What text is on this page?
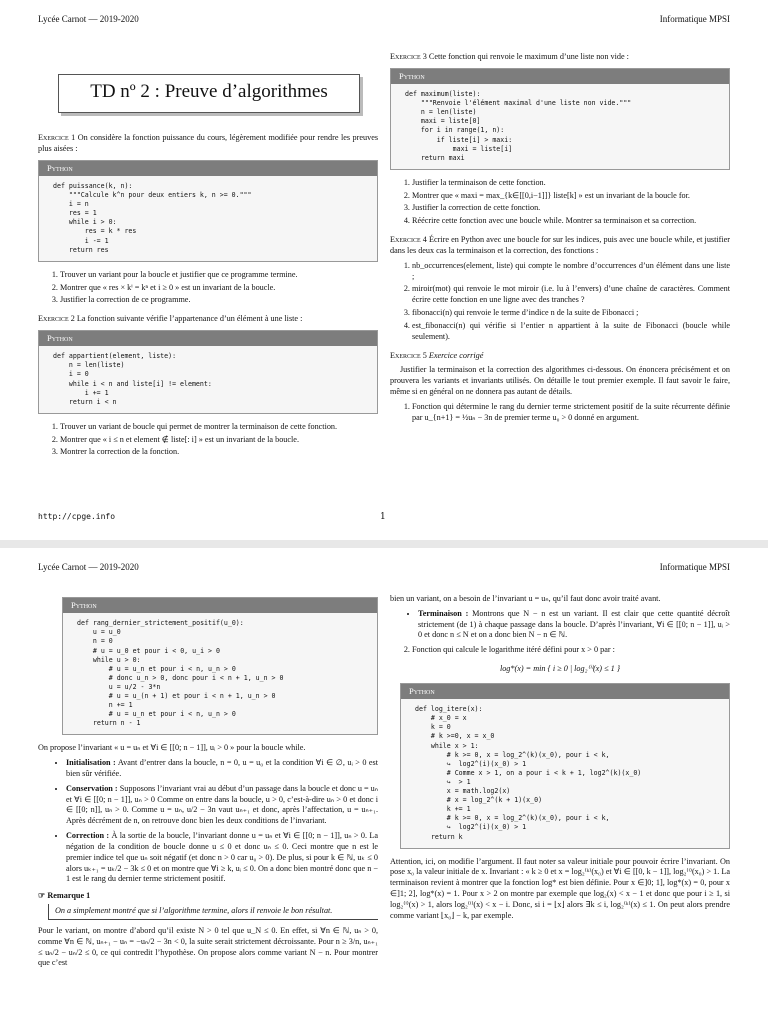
Lycée Carnot — 2019-2020	Informatique MPSI
TD nº 2 : Preuve d’algorithmes
Exercice 1 On considère la fonction puissance du cours, légèrement modifiée pour rendre les preuves plus aisées :
Python
def puissance(k, n):
"""Calcule k^n pour deux entiers k, n >= 0."""
i = n
res = 1
while i > 0:
res = k * res
i -= 1
return res
1. Trouver un variant pour la boucle et justifier que ce programme termine.
2. Montrer que « res × kⁱ = kⁿ et i ≥ 0 » est un invariant de la boucle.
3. Justifier la correction de ce programme.
Exercice 2 La fonction suivante vérifie l’appartenance d’un élément à une liste :
Python
def appartient(element, liste):
n = len(liste)
i = 0
while i < n and liste[i] != element:
i += 1
return i < n
1. Trouver un variant de boucle qui permet de montrer la terminaison de cette fonction.
2. Montrer que « i ≤ n et element ∉ liste[: i] » est un invariant de la boucle.
3. Montrer la correction de la fonction.
Exercice 3 Cette fonction qui renvoie le maximum d’une liste non vide :
Python
def maximum(liste):
"""Renvoie l'élément maximal d'une liste non vide."""
n = len(liste)
maxi = liste[0]
for i in range(1, n):
if liste[i] > maxi:
maxi = liste[i]
return maxi
1. Justifier la terminaison de cette fonction.
2. Montrer que « maxi = max_{k∈[[0,i−1]]} liste[k] » est un invariant de la boucle for.
3. Justifier la correction de cette fonction.
4. Réécrire cette fonction avec une boucle while. Montrer sa terminaison et sa correction.
Exercice 4 Écrire en Python avec une boucle for sur les indices, puis avec une boucle while, et justifier dans les deux cas la terminaison et la correction, des fonctions :
1. nb_occurrences(element, liste) qui compte le nombre d’occurrences d’un élément dans une liste ;
2. miroir(mot) qui renvoie le mot miroir (i.e. lu à l’envers) d’une chaîne de caractères. Comment écrire cette fonction en une ligne avec des tranches ?
3. fibonacci(n) qui renvoie le terme d’indice n de la suite de Fibonacci ;
4. est_fibonacci(n) qui vérifie si l’entier n appartient à la suite de Fibonacci (boucle while seulement).
Exercice 5 Exercice corrigé

Justifier la terminaison et la correction des algorithmes ci-dessous. On énoncera précisément et on prouvera les variants et invariants utilisés. On détaille le tout premier exemple. Il faut savoir le faire, même si en général on ne donnera pas autant de détails.

1. Fonction qui détermine le rang du dernier terme strictement positif de la suite récurrente définie par u_{n+1} = ½uₙ − 3n de premier terme u₀ > 0 donné en argument.
http://cpge.info	1
Lycée Carnot — 2019-2020	Informatique MPSI
Python
def rang_dernier_strictement_positif(u_0):
u = u_0
n = 0
# u = u_0 et pour i < 0, u_i > 0
while u > 0:
# u = u_n et pour i < n, u_n > 0
# donc u_n > 0, donc pour i < n + 1, u_n > 0
u = u/2 - 3*n
# u = u_(n + 1) et pour i < n + 1, u_n > 0
n += 1
# u = u_n et pour i < n, u_n > 0
return n - 1

On propose l’invariant « u = uₙ et ∀i ∈ [[0; n − 1]], uᵢ > 0 » pour la boucle while.

• Initialisation : Avant d’entrer dans la boucle, n = 0, u = u₀ et la condition ∀i ∈ ∅, uᵢ > 0 est bien sûr vérifiée.
• Conservation : Supposons l’invariant vrai au début d’un passage dans la boucle et donc u = uₙ et ∀i ∈ [[0; n − 1]], uₙ > 0 Comme on entre dans la boucle, u > 0, c’est-à-dire uₙ > 0 et donc i ∈ [[0; n]], uₙ > 0. Comme u = uₙ, u/2 − 3n vaut uₙ₊₁ et donc, après l’affectation, u = uₙ₊₁. Après décrément de n, on retrouve donc bien les deux conditions de l’invariant.
• Correction : À la sortie de la boucle, l’invariant donne u = uₙ et ∀i ∈ [[0; n − 1]], uₙ > 0. La négation de la condition de boucle donne u ≤ 0 et donc uₙ ≤ 0. Ceci montre que n est le premier indice tel que uₙ soit négatif (et donc n > 0 car u₀ > 0). De plus, si pour k ∈ ℕ, uₖ ≤ 0 alors uₖ₊₁ = uₖ/2 − 3k ≤ 0 et on montre que ∀i ≥ k, uᵢ ≤ 0. On a donc bien montré donc que n − 1 est le rang du dernier terme strictement positif.
☞ Remarque 1
On a simplement montré que si l’algorithme termine, alors il renvoie le bon résultat.

Pour le variant, on montre d’abord qu’il existe N > 0 tel que u_N ≤ 0. En effet, si ∀n ∈ ℕ, uₙ > 0, comme ∀n ∈ ℕ, uₙ₊₁ − uₙ = −uₙ/2 − 3n < 0, la suite serait strictement décroissante. Pour n ≥ 3/n, uₙ₊₁ ≤ uₙ/2 − uₙ/2 ≤ 0, ce qui contredit l’hypothèse. On propose alors comme variant N − n. Pour montrer que c’est

bien un variant, on a besoin de l’invariant u = uₙ, qu’il faut donc avoir traité avant.

• Terminaison : Montrons que N − n est un variant. Il est clair que cette quantité décroît strictement (de 1) à chaque passage dans la boucle. D’après l’invariant, ∀i ∈ [[0; n − 1]], uᵢ > 0 et donc n ≤ N et on a donc bien N − n ∈ ℕ.
2. Fonction qui calcule le logarithme itéré défini pour x > 0 par :
log*(x) = min { i ≥ 0 | log₂⁽ⁱ⁾(x) ≤ 1 }
Python
def log_itere(x):
# x_0 = x
k = 0
# k >=0, x = x_0
while x > 1:
# k >= 0, x = log_2^(k)(x_0), pour i < k,
↪  log2^(i)(x_0) > 1
# Comme x > 1, on a pour i < k + 1, log2^(k)(x_0)
↪  > 1
x = math.log2(x)
# x = log_2^(k + 1)(x_0)
k += 1
# k >= 0, x = log_2^(k)(x_0), pour i < k,
↪  log2^(i)(x_0) > 1
return k

Attention, ici, on modifie l’argument. Il faut noter sa valeur initiale pour pouvoir écrire l’invariant. On pose x₀ la valeur initiale de x. Invariant : « k ≥ 0 et x = log₂⁽ᵏ⁾(x₀) et ∀i ∈ [[0, k − 1]], log₂⁽ⁱ⁾(x₀) > 1. La terminaison revient à montrer que la fonction log* est bien définie. Pour x ∈]0; 1], log*(x) = 0, pour x ∈]1; 2], log*(x) = 1. Pour x > 2 on montre par exemple que log₂(x) < x − 1 et donc que pour i ≥ 1, si log₂⁽ⁱ⁾(x) > 1, alors log₂⁽ⁱ⁾(x) < x − i. Donc, si i = ⌊x⌋ alors ∃k ≤ i, log₂⁽ᵏ⁾(x) ≤ 1. On peut alors prendre comme variant ⌊x₀⌋ − k, par exemple.
